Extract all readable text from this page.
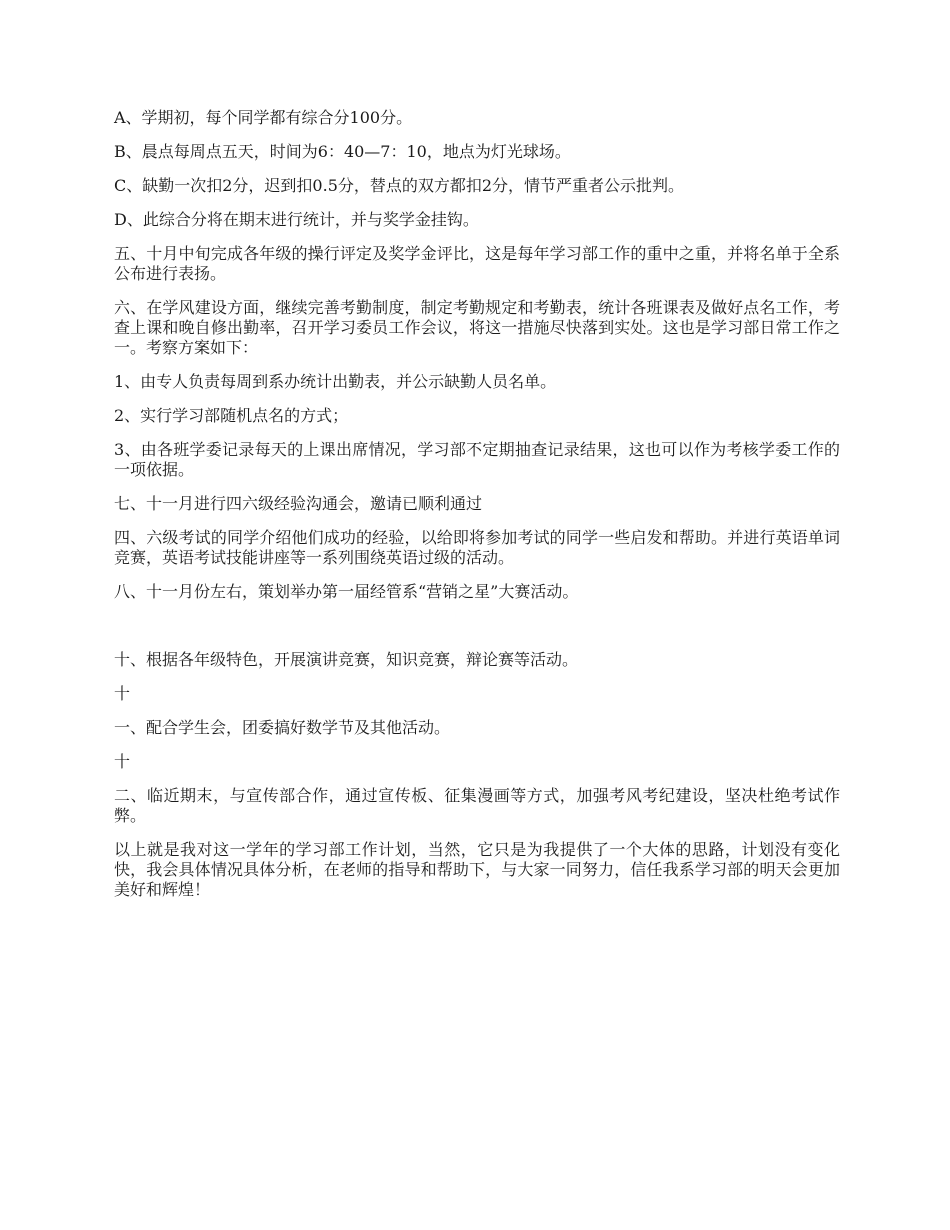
A、学期初，每个同学都有综合分100分。

B、晨点每周点五天，时间为6：40—7：10，地点为灯光球场。

C、缺勤一次扣2分，迟到扣0.5分，替点的双方都扣2分，情节严重者公示批判。

D、此综合分将在期末进行统计，并与奖学金挂钩。

五、十月中旬完成各年级的操行评定及奖学金评比，这是每年学习部工作的重中之重，并将名单于全系公布进行表扬。

六、在学风建设方面，继续完善考勤制度，制定考勤规定和考勤表，统计各班课表及做好点名工作，考查上课和晚自修出勤率，召开学习委员工作会议，将这一措施尽快落到实处。这也是学习部日常工作之一。考察方案如下：

1、由专人负责每周到系办统计出勤表，并公示缺勤人员名单。

2、实行学习部随机点名的方式；

3、由各班学委记录每天的上课出席情况，学习部不定期抽查记录结果，这也可以作为考核学委工作的一项依据。

七、十一月进行四六级经验沟通会，邀请已顺利通过

四、六级考试的同学介绍他们成功的经验，以给即将参加考试的同学一些启发和帮助。并进行英语单词竞赛，英语考试技能讲座等一系列围绕英语过级的活动。

八、十一月份左右，策划举办第一届经管系“营销之星”大赛活动。

十、根据各年级特色，开展演讲竞赛，知识竞赛，辩论赛等活动。

十

一、配合学生会，团委搞好数学节及其他活动。

十

二、临近期末，与宣传部合作，通过宣传板、征集漫画等方式，加强考风考纪建设，坚决杜绝考试作弊。

以上就是我对这一学年的学习部工作计划，当然，它只是为我提供了一个大体的思路，计划没有变化快，我会具体情况具体分析，在老师的指导和帮助下，与大家一同努力，信任我系学习部的明天会更加美好和辉煌！
